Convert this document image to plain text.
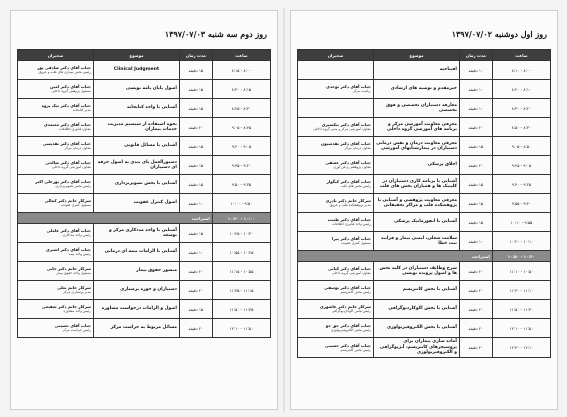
روز دوم سه شنبه ۱۳۹۷/۰۷/۰۳
ساعت	مدت زمان	موضوع	سخنران
۸:۰۰ - ۸:۱۵	۱۵ دقیقه	Clinical Judgment	جناب آقای دکتر صادقی پور
رئیس بخش بیماری های قلب و عروق

۸:۱۵ - ۸:۳۰	۱۵ دقیقه	اصول پایان نامه نویسی	جناب آقای دکتر امین
مسئول پژوهش گروه داخلی

۸:۳۰ - ۸:۴۵	۱۵ دقیقه	آشنایی با واحد کتابخانه	جناب آقای دکتر تیک پژوه
مدیر کتابخانه

۸:۴۵ - ۹:۰۵	۲۰ دقیقه	نحوه استفاده از سیستم مدیریت خدمات بیماران	جناب آقای دکتر معتمدی
معاون فناوری اطلاعات

۹:۰۵ - ۹:۲۰	۱۵ دقیقه	آشنایی با مسائل قانونی	جناب آقای دکتر تقدیسی
معاون درمان مرکز

۹:۲۰ - ۹:۳۵	۱۵ دقیقه	دستورالعمل پای بندی به اصول حرفه ای دستیاران	جناب آقای دکتر صالحی
معاون آموزشی گروه داخلی

۹:۳۵ - ۹:۵۰	۱۵ دقیقه	آشنایی با بخش تصویربرداری	جناب آقای دکتر پورعلی اکبر
رئیس بخش تصویربرداری

۹:۵۰ - ۱۰:۰۰	۱۰ دقیقه	اصول کنترل عفونت	سرکار خانم دکتر کمالی
مسئول کنترل عفونت

۱۰:۰۰ - ۱۰:۳۰	استراحت		
۱۰:۳۰ - ۱۰:۴۵	۱۵ دقیقه	آشنایی با واحد مددکاری مرکز و توسعه	جناب آقای دکتر عاملی
رئیس واحد مددکاری

۱۰:۴۵ - ۱۰:۵۵	۱۰ دقیقه	آشنایی با الزامات بیمه ای درمانی	جناب آقای دکتر اشتری
رئیس واحد بیمه

۱۰:۵۵ - ۱۱:۱۵	۲۰ دقیقه	منشور حقوق بیمار	سرکار خانم دکتر خانی
مسئول واحد حقوق بیمار

۱۱:۱۵ - ۱۱:۳۵	۲۰ دقیقه	دستیاران و حوزه پرستاری	سرکار خانم نعلی
مدیر پرستاری مرکز

۱۱:۳۵ - ۱۱:۵۰	۱۵ دقیقه	اصول و الزامات درخواست مشاوره	سرکار خانم دکتر شفیعی
رئیس واحد مشاوره

۱۱:۵۰ - ۱۲:۱۰	۲۰ دقیقه	مسائل مربوط به حراست مرکز	جناب آقای حسینی
رئیس حراست مرکز
روز اول دوشنبه ۱۳۹۷/۰۷/۰۲
ساعت	مدت زمان	موضوع	سخنران
۸:۰۰ - ۸:۱۰	۱۰ دقیقه	افتتاحیه	

۸:۱۰ - ۸:۲۰	۱۰ دقیقه	خیرمقدم و توصیه های ارشادی	جناب آقای دکتر توحدی
ریاست مرکز

۸:۲۰ - ۸:۳۰	۱۰ دقیقه	معارفه دستیاران تخصصی و فوق تخصصی	

۸:۳۰ - ۸:۵۰	۲۰ دقیقه	معرفی معاونت آموزشی مرکز و برنامه های آموزشی گروه داخلی	جناب آقای دکتر بنکسیری
معاون آموزشی مرکز و مدیر گروه داخلی

۸:۵۰ - ۹:۰۵	۱۵ دقیقه	معرفی معاونت درمان و تقش درمانی دستیاران در بیمارستانهای آموزشی	جناب آقای دکتر تقدسیون
معاون درمان مرکز

۹:۰۵ - ۹:۲۵	۲۰ دقیقه	اخلاق پزشکی	جناب آقای دکتر عشقی
معاون پژوهشی و فن آوری

۹:۲۵ - ۹:۴۰	۱۵ دقیقه	آشنایی با برنامه کاری دستیاران در کلینیک ها و همیاران بخش های قلب	جناب آقای دکتر کیگوار
رئیس بخش های قلب

۹:۴۰ - ۹:۵۵	۱۵ دقیقه	معرفی معاونت پژوهشی و آشنایی با پژوهشکده قلب و مراکز تحقیقاتی	سرکار خانم دکتر نادری
مدیر پژوهشکده قلب و عروق

۹:۵۵ - ۱۰:۱۰	۱۵ دقیقه	آشنایی با انفورماتیک پزشکی	جناب آقای دکتر طبیب
رئیس واحد فناوری اطلاعات

۱۰:۱۰ - ۱۰:۲۰	۱۰ دقیقه	سلامت شغلی، ایمنی بیمار و فرایند ثبت خطا	جناب آقای دکتر پیرا
مسئول کنترل عفونت

۱۰:۲۰ - ۱۰:۵۰	استراحت		
۱۰:۵۰ - ۱۱:۱۰	۲۰ دقیقه	شرح وظایف دستیاران در کلیه بخش ها و اصول پرونده نویسی	جناب آقای دکتر کیانی
معاون آموزشی گروه داخلی

۱۱:۱۰ - ۱۱:۳۰	۲۰ دقیقه	آشنایی با بخش کاتتریسم	جناب آقای دکتر یوسفی
رئیس بخش کاتتریسم

۱۱:۳۰ - ۱۱:۵۰	۲۰ دقیقه	آشنایی با بخش اکوکاردیوگرافی	سرکار خانم دکتر عاشوری
رئیس بخش اکوکاردیوگرافی

۱۱:۵۰ - ۱۲:۱۰	۲۰ دقیقه	آشنایی با بخش الکتروفیزیولوژی	جناب آقای دکتر حق جو
رئیس بخش الکتروفیزیولوژی

۱۲:۱۰ - ۱۲:۳۰	۲۰ دقیقه	آماده سازی بیماران برای پروسیجرهای کاتتریسم، آنژیوگرافی و الکتروفیزیولوژی	جناب آقای دکتر حسینی
رئیس بخش کاتتریسم
